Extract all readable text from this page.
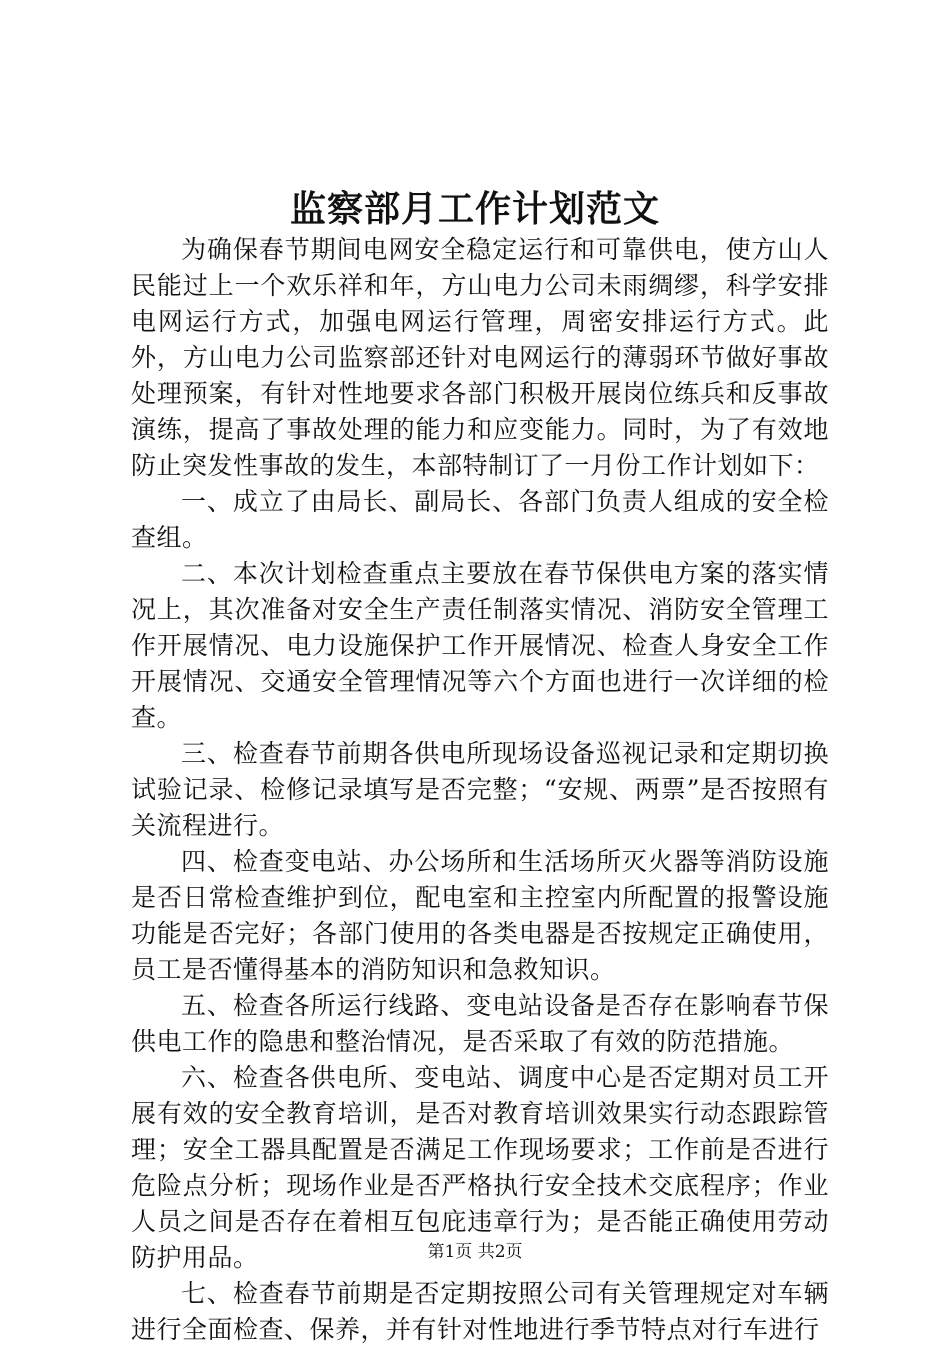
监察部月工作计划范文

为确保春节期间电网安全稳定运行和可靠供电，使方山人民能过上一个欢乐祥和年，方山电力公司未雨绸缪，科学安排电网运行方式，加强电网运行管理，周密安排运行方式。此外，方山电力公司监察部还针对电网运行的薄弱环节做好事故处理预案，有针对性地要求各部门积极开展岗位练兵和反事故演练，提高了事故处理的能力和应变能力。同时，为了有效地防止突发性事故的发生，本部特制订了一月份工作计划如下：

一、成立了由局长、副局长、各部门负责人组成的安全检查组。

二、本次计划检查重点主要放在春节保供电方案的落实情况上，其次准备对安全生产责任制落实情况、消防安全管理工作开展情况、电力设施保护工作开展情况、检查人身安全工作开展情况、交通安全管理情况等六个方面也进行一次详细的检查。

三、检查春节前期各供电所现场设备巡视记录和定期切换试验记录、检修记录填写是否完整；“安规、两票”是否按照有关流程进行。

四、检查变电站、办公场所和生活场所灭火器等消防设施是否日常检查维护到位，配电室和主控室内所配置的报警设施功能是否完好；各部门使用的各类电器是否按规定正确使用，员工是否懂得基本的消防知识和急救知识。

五、检查各所运行线路、变电站设备是否存在影响春节保供电工作的隐患和整治情况，是否采取了有效的防范措施。

六、检查各供电所、变电站、调度中心是否定期对员工开展有效的安全教育培训，是否对教育培训效果实行动态跟踪管理；安全工器具配置是否满足工作现场要求；工作前是否进行危险点分析；现场作业是否严格执行安全技术交底程序；作业人员之间是否存在着相互包庇违章行为；是否能正确使用劳动防护用品。

七、检查春节前期是否定期按照公司有关管理规定对车辆进行全面检查、保养，并有针对性地进行季节特点对行车进行

第1页 共2页
